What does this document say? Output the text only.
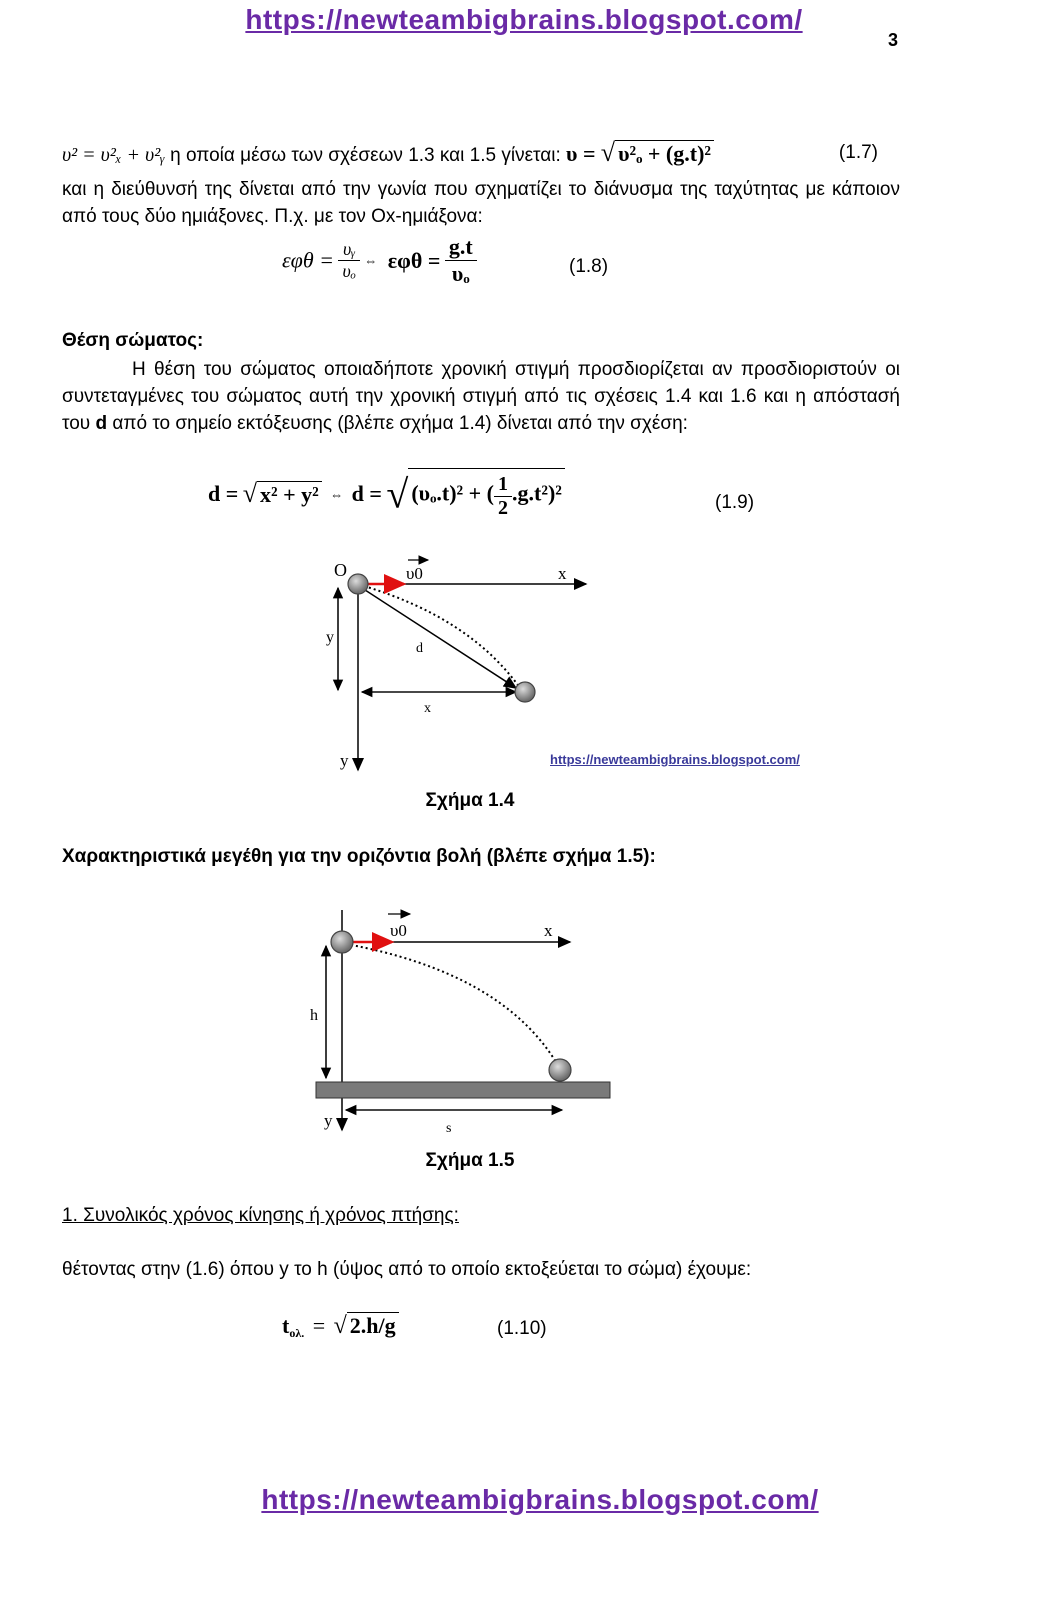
https://newteambigbrains.blogspot.com/
3
υ² = υ²ₓ + υ²ᵧ η οποία μέσω των σχέσεων 1.3 και 1.5 γίνεται: υ = √ υ²ₒ + (g.t)²	(1.7)
και η διεύθυνσή της δίνεται από την γωνία που σχηματίζει το διάνυσμα της ταχύτητας με κάποιον από τους δύο ημιάξονες. Π.χ. με τον Οx-ημιάξονα:
$\varepsilon\varphi\theta = \frac{\text{υᵧ}}{\text{υₒ}}$ ⇔ $\varepsilon\varphi\theta = \frac{g.t}{\text{υₒ}}$	(1.8)
Θέση σώματος:
Η θέση του σώματος οποιαδήποτε χρονική στιγμή προσδιορίζεται αν προσδιοριστούν οι συντεταγμένες του σώματος αυτή την χρονική στιγμή από τις σχέσεις 1.4 και 1.6 και η απόστασή του d από το σημείο εκτόξευσης (βλέπε σχήμα 1.4) δίνεται από την σχέση:
d = √ x² + y² ⇔ d = √ (υₒ.t)² + ( $\frac{1}{2} .g.t^2)^2$	(1.9)
O	υ0	x
y
d
x
y	https://newteambigbrains.blogspot.com/
Σχήμα 1.4
Χαρακτηριστικά μεγέθη για την οριζόντια βολή (βλέπε σχήμα 1.5):
υ0	x
h
y	s
Σχήμα 1.5
1. Συνολικός χρόνος κίνησης ή χρόνος πτήσης:
θέτοντας στην (1.6) όπου y το h (ύψος από το οποίο εκτοξεύεται το σώμα) έχουμε:
$t_{o\lambda.}$ = √ 2.h/g	(1.10)
https://newteambigbrains.blogspot.com/
